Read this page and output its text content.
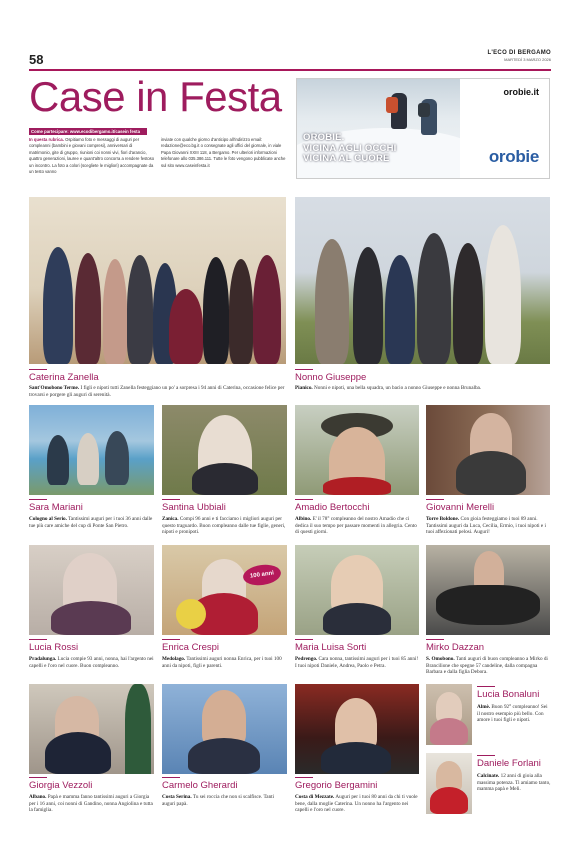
58	L'ECO DI BERGAMO
MARTEDÌ 3 MARZO 2026
Case in Festa
Come partecipare: www.ecodibergamo.it/casein festa
In questa rubrica. Ospitiamo foto e messaggi di auguri per compleanni (bambini e giovani compresi), anniversari di matrimonio, gite di gruppo, riunioni coi nonni vivi, fiori d'arancio, quattro generazioni, lauree e quant'altro concorra a rendere festoso un incontro. La foto a colori (scegliete le migliori) accompagnate da un testo vanno
inviate con qualche giorno d'anticipo all'indirizzo email: redazione@eco.bg.it o consegnate agli uffici del giornale, in viale Papa Giovanni XXIII 118, a Bergamo. Per ulteriori informazioni telefonare allo 035.386.111. Tutte le foto vengono pubblicate anche sul sito www.caseinfesta.it
OROBIE.
VICINA AGLI OCCHI
VICINA AL CUORE
orobie.it
orobie
Caterina Zanella
Sant'Omobono Terme. I figli e nipoti tutti Zanella festeggiano un po' a sorpresa i 94 anni di Caterina, occasione felice per trovarsi e porgere gli auguri di serenità.
Nonno Giuseppe
Pianico. Nonni e nipoti, una bella squadra, un bacio a nonno Giuseppe e nonna Brunalba.
Sara Mariani
Cologno al Serio. Tantissimi auguri per i tuoi 36 anni dalle tue più care amiche del cup di Ponte San Pietro.
Santina Ubbiali
Zanica. Compi 96 anni e ti facciamo i migliori auguri per questo traguardo. Buon compleanno dalle tue figlie, generi, nipoti e pronipoti.
Amadio Bertocchi
Albino. E' il 78° compleanno del nostro Amadio che ci dedica il suo tempo per passare momenti in allegria. Cento di questi giorni.
Giovanni Merelli
Torre Boldone. Con gioia festeggiamo i tuoi 89 anni. Tantissimi auguri da Luca, Cecilia, Ermio, i tuoi nipoti e i tuoi affezionati pelosi. Auguri!
100 anni
Lucia Rossi
Pradalunga. Lucia compie 93 anni, nonna, hai l'argento nei capelli e l'oro nel cuore. Buon compleanno.
Enrica Crespi
Medolago. Tantissimi auguri nonna Enrica, per i tuoi 100 anni da nipoti, figli e parenti.
Maria Luisa Sorti
Pedrengo. Cara nonna, tantissimi auguri per i tuoi 85 anni! I tuoi nipoti Daniele, Andrea, Paolo e Petra.
Mirko Dazzan
S. Omobono. Tanti auguri di buon compleanno a Mirko di Brancilione che spegne 57 candeline, dalla compagna Barbara e dalla figlia Debora.
Giorgia Vezzoli
Albano. Papà e mamma fanno tantissimi auguri a Giorgia per i 16 anni, coi nonni di Gandino, nonna Angiolina e tutta la famiglia.
Carmelo Gherardi
Costa Serina. Tu sei roccia che non si scalfisce. Tanti auguri papà.
Gregorio Bergamini
Costa di Mezzate. Auguri per i tuoi 80 anni da chi ti vuole bene, dalla moglie Caterina. Un nonno ha l'argento nei capelli e l'oro nel cuore.
Lucia Bonaluni
Almè. Buon 92° compleanno! Sei il nostro esempio più bello. Con amore i tuoi figli e nipoti.
Daniele Forlani
Calcinate. 12 anni di gioia alla massima potenza. Ti amiamo tanto, mamma papà e Meli.
